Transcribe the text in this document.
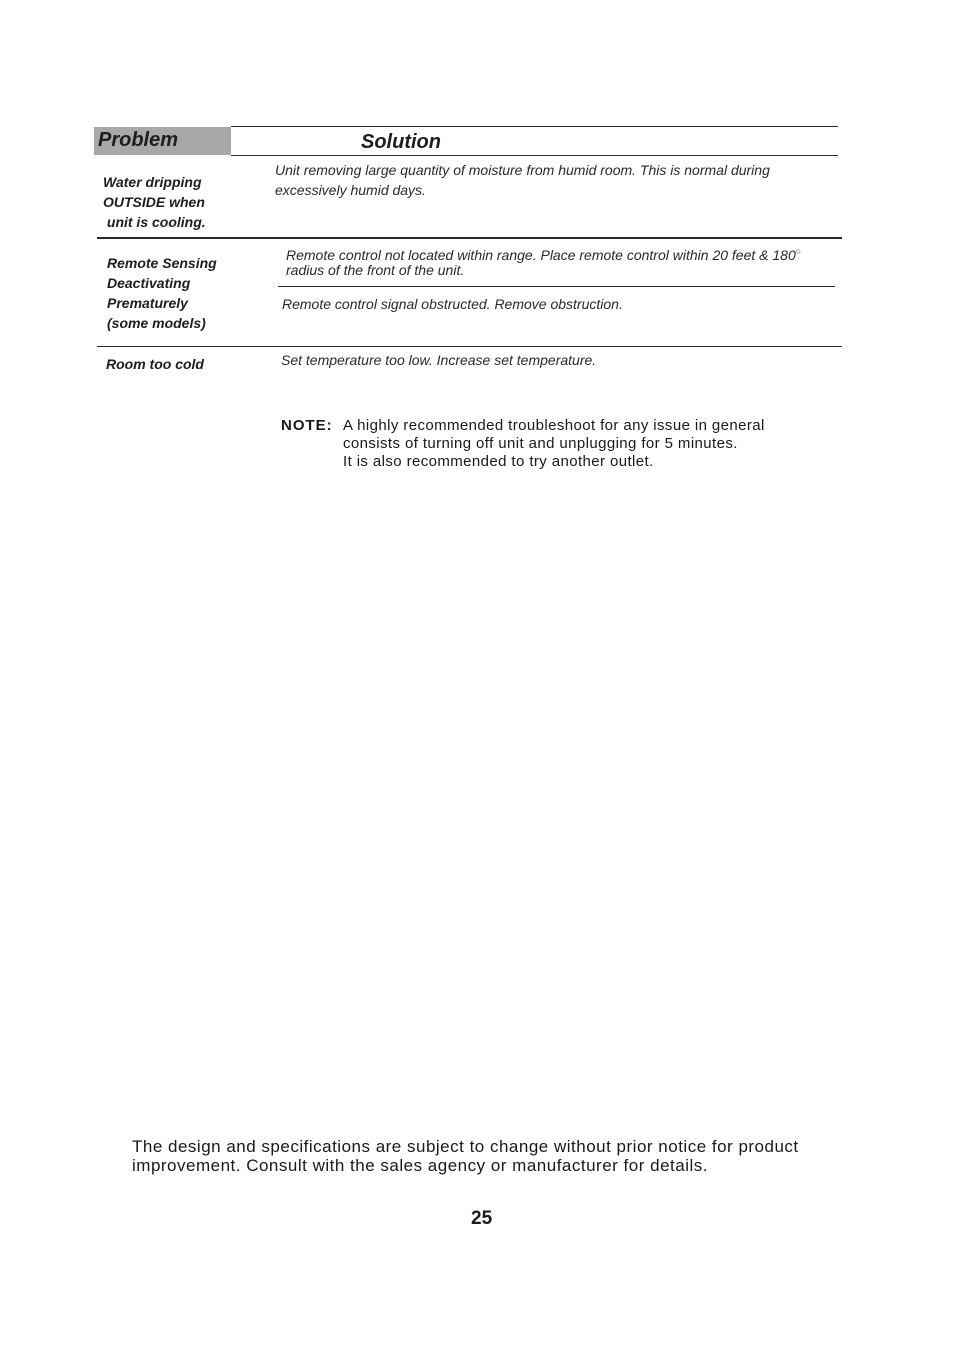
Problem	Solution
Water dripping
OUTSIDE when
unit is cooling.
Unit removing large quantity of moisture from humid room. This is normal during excessively humid days.
Remote Sensing
Deactivating
Prematurely
(some models)
Remote control not located within range. Place remote control within 20 feet & 180○
radius of the front of the unit.
Remote control signal obstructed. Remove obstruction.
Room too cold	Set temperature too low. Increase set temperature.
NOTE: A highly recommended troubleshoot for any issue in general
consists of turning off unit and unplugging for 5 minutes.
It is also recommended to try another outlet.
The design and specifications are subject to change without prior notice for product
improvement. Consult with the sales agency or manufacturer for details.
25
